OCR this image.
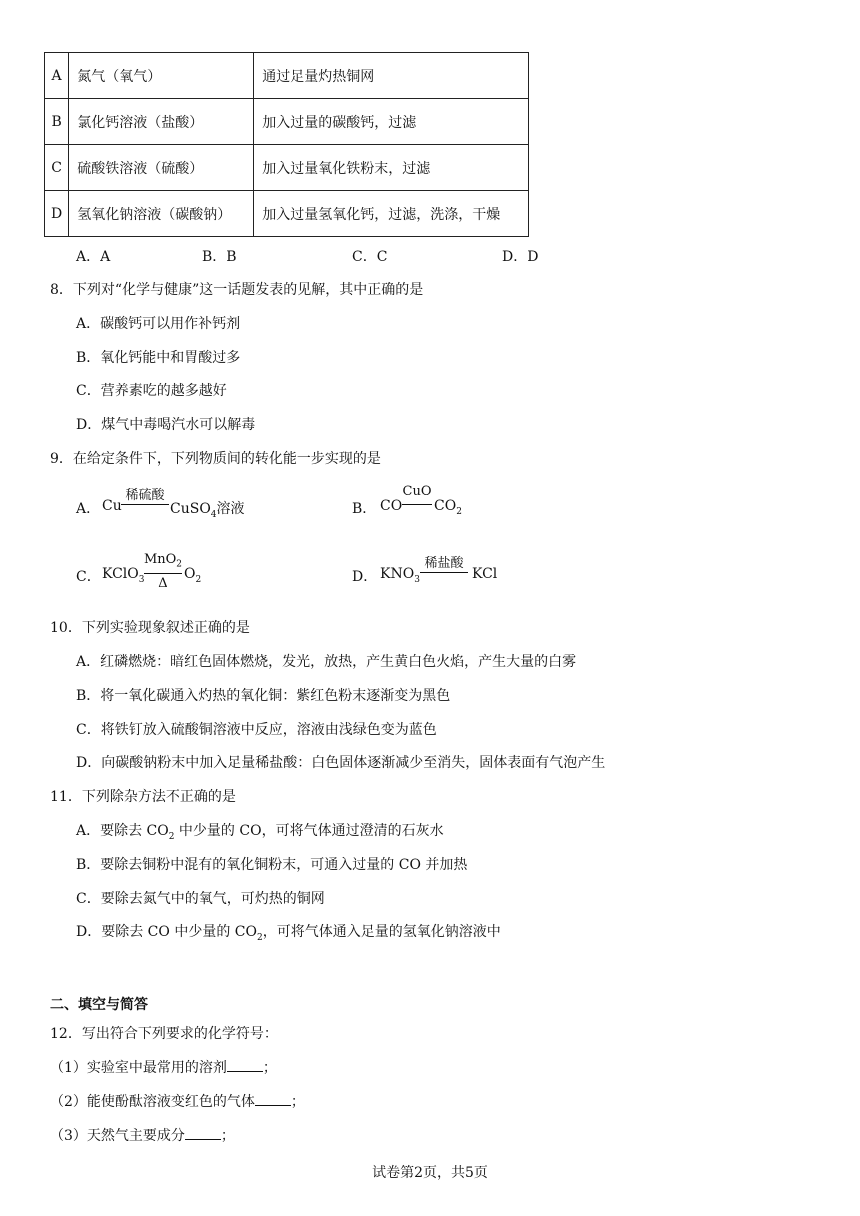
A	氮气（氧气）	通过足量灼热铜网
B	氯化钙溶液（盐酸）	加入过量的碳酸钙，过滤
C	硫酸铁溶液（硫酸）	加入过量氧化铁粉末，过滤
D	氢氧化钠溶液（碳酸钠）	加入过量氢氧化钙，过滤，洗涤，干燥
A．A	B．B	C．C	D．D
8．下列对“化学与健康”这一话题发表的见解，其中正确的是
A．碳酸钙可以用作补钙剂
B．氧化钙能中和胃酸过多
C．营养素吃的越多越好
D．煤气中毒喝汽水可以解毒
9．在给定条件下，下列物质间的转化能一步实现的是
A． Cu
稀硫酸
CuSO$_4$溶液	B． CO
CuO
$CO_2$
C． KClO$_3$
MnO$_2$
Δ
$O_2$	D． $KNO_3$
稀盐酸
KCl
10．下列实验现象叙述正确的是
A．红磷燃烧：暗红色固体燃烧，发光，放热，产生黄白色火焰，产生大量的白雾
B．将一氧化碳通入灼热的氧化铜：紫红色粉末逐渐变为黑色
C．将铁钉放入硫酸铜溶液中反应，溶液由浅绿色变为蓝色
D．向碳酸钠粉末中加入足量稀盐酸：白色固体逐渐减少至消失，固体表面有气泡产生
11．下列除杂方法不正确的是
A．要除去 $CO_2$ 中少量的 CO，可将气体通过澄清的石灰水
B．要除去铜粉中混有的氧化铜粉末，可通入过量的 CO 并加热
C．要除去氮气中的氧气，可灼热的铜网
D．要除去 CO 中少量的 $CO_2$，可将气体通入足量的氢氧化钠溶液中
二、填空与简答
12．写出符合下列要求的化学符号：
（1）实验室中最常用的溶剂	；
（2）能使酚酞溶液变红色的气体	；
（3）天然气主要成分	；
试卷第2页，共5页
